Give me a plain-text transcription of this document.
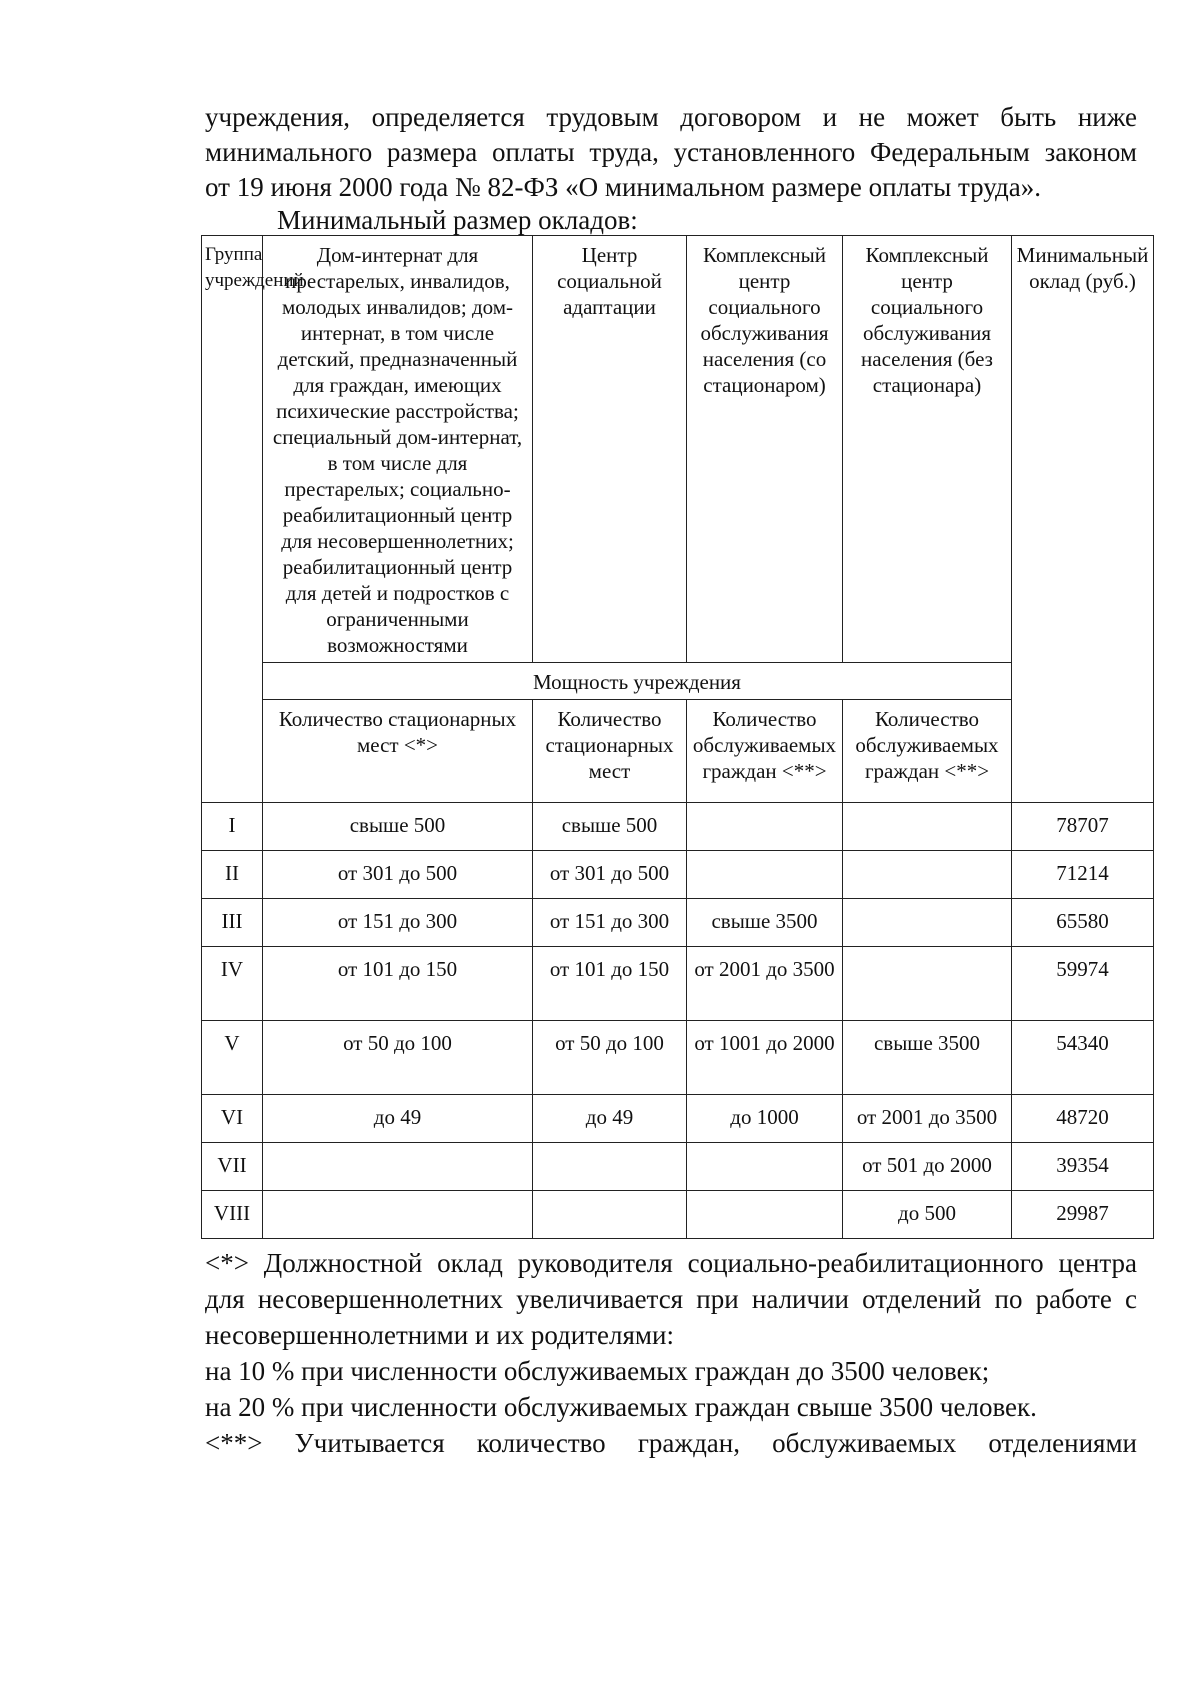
учреждения, определяется трудовым договором и не может быть ниже
минимального размера оплаты труда, установленного Федеральным законом
от 19 июня 2000 года № 82-ФЗ «О минимальном размере оплаты труда».

Минимальный размер окладов:

Группа учреждений	Дом-интернат для престарелых, инвалидов, молодых инвалидов; дом-интернат, в том числе детский, предназначенный для граждан, имеющих психические расстройства; специальный дом-интернат, в том числе для престарелых; социально-реабилитационный центр для несовершеннолетних; реабилитационный центр для детей и подростков с ограниченными возможностями	Центр социальной адаптации	Комплексный центр социального обслуживания населения (со стационаром)	Комплексный центр социального обслуживания населения (без стационара)	Минимальный оклад (руб.)
	Мощность учреждения				
	Количество стационарных мест <*>	Количество стационарных мест	Количество обслуживаемых граждан <**>	Количество обслуживаемых граждан <**>	
I	свыше 500	свыше 500			78707
II	от 301 до 500	от 301 до 500			71214
III	от 151 до 300	от 151 до 300	свыше 3500		65580
IV	от 101 до 150	от 101 до 150	от 2001 до 3500		59974
V	от 50 до 100	от 50 до 100	от 1001 до 2000	свыше 3500	54340
VI	до 49	до 49	до 1000	от 2001 до 3500	48720
VII				от 501 до 2000	39354
VIII				до 500	29987
<*> Должностной оклад руководителя социально-реабилитационного центра
для несовершеннолетних увеличивается при наличии отделений по работе с
несовершеннолетними и их родителями:
на 10 % при численности обслуживаемых граждан до 3500 человек;
на 20 % при численности обслуживаемых граждан свыше 3500 человек.
<**> Учитывается количество граждан, обслуживаемых отделениями
